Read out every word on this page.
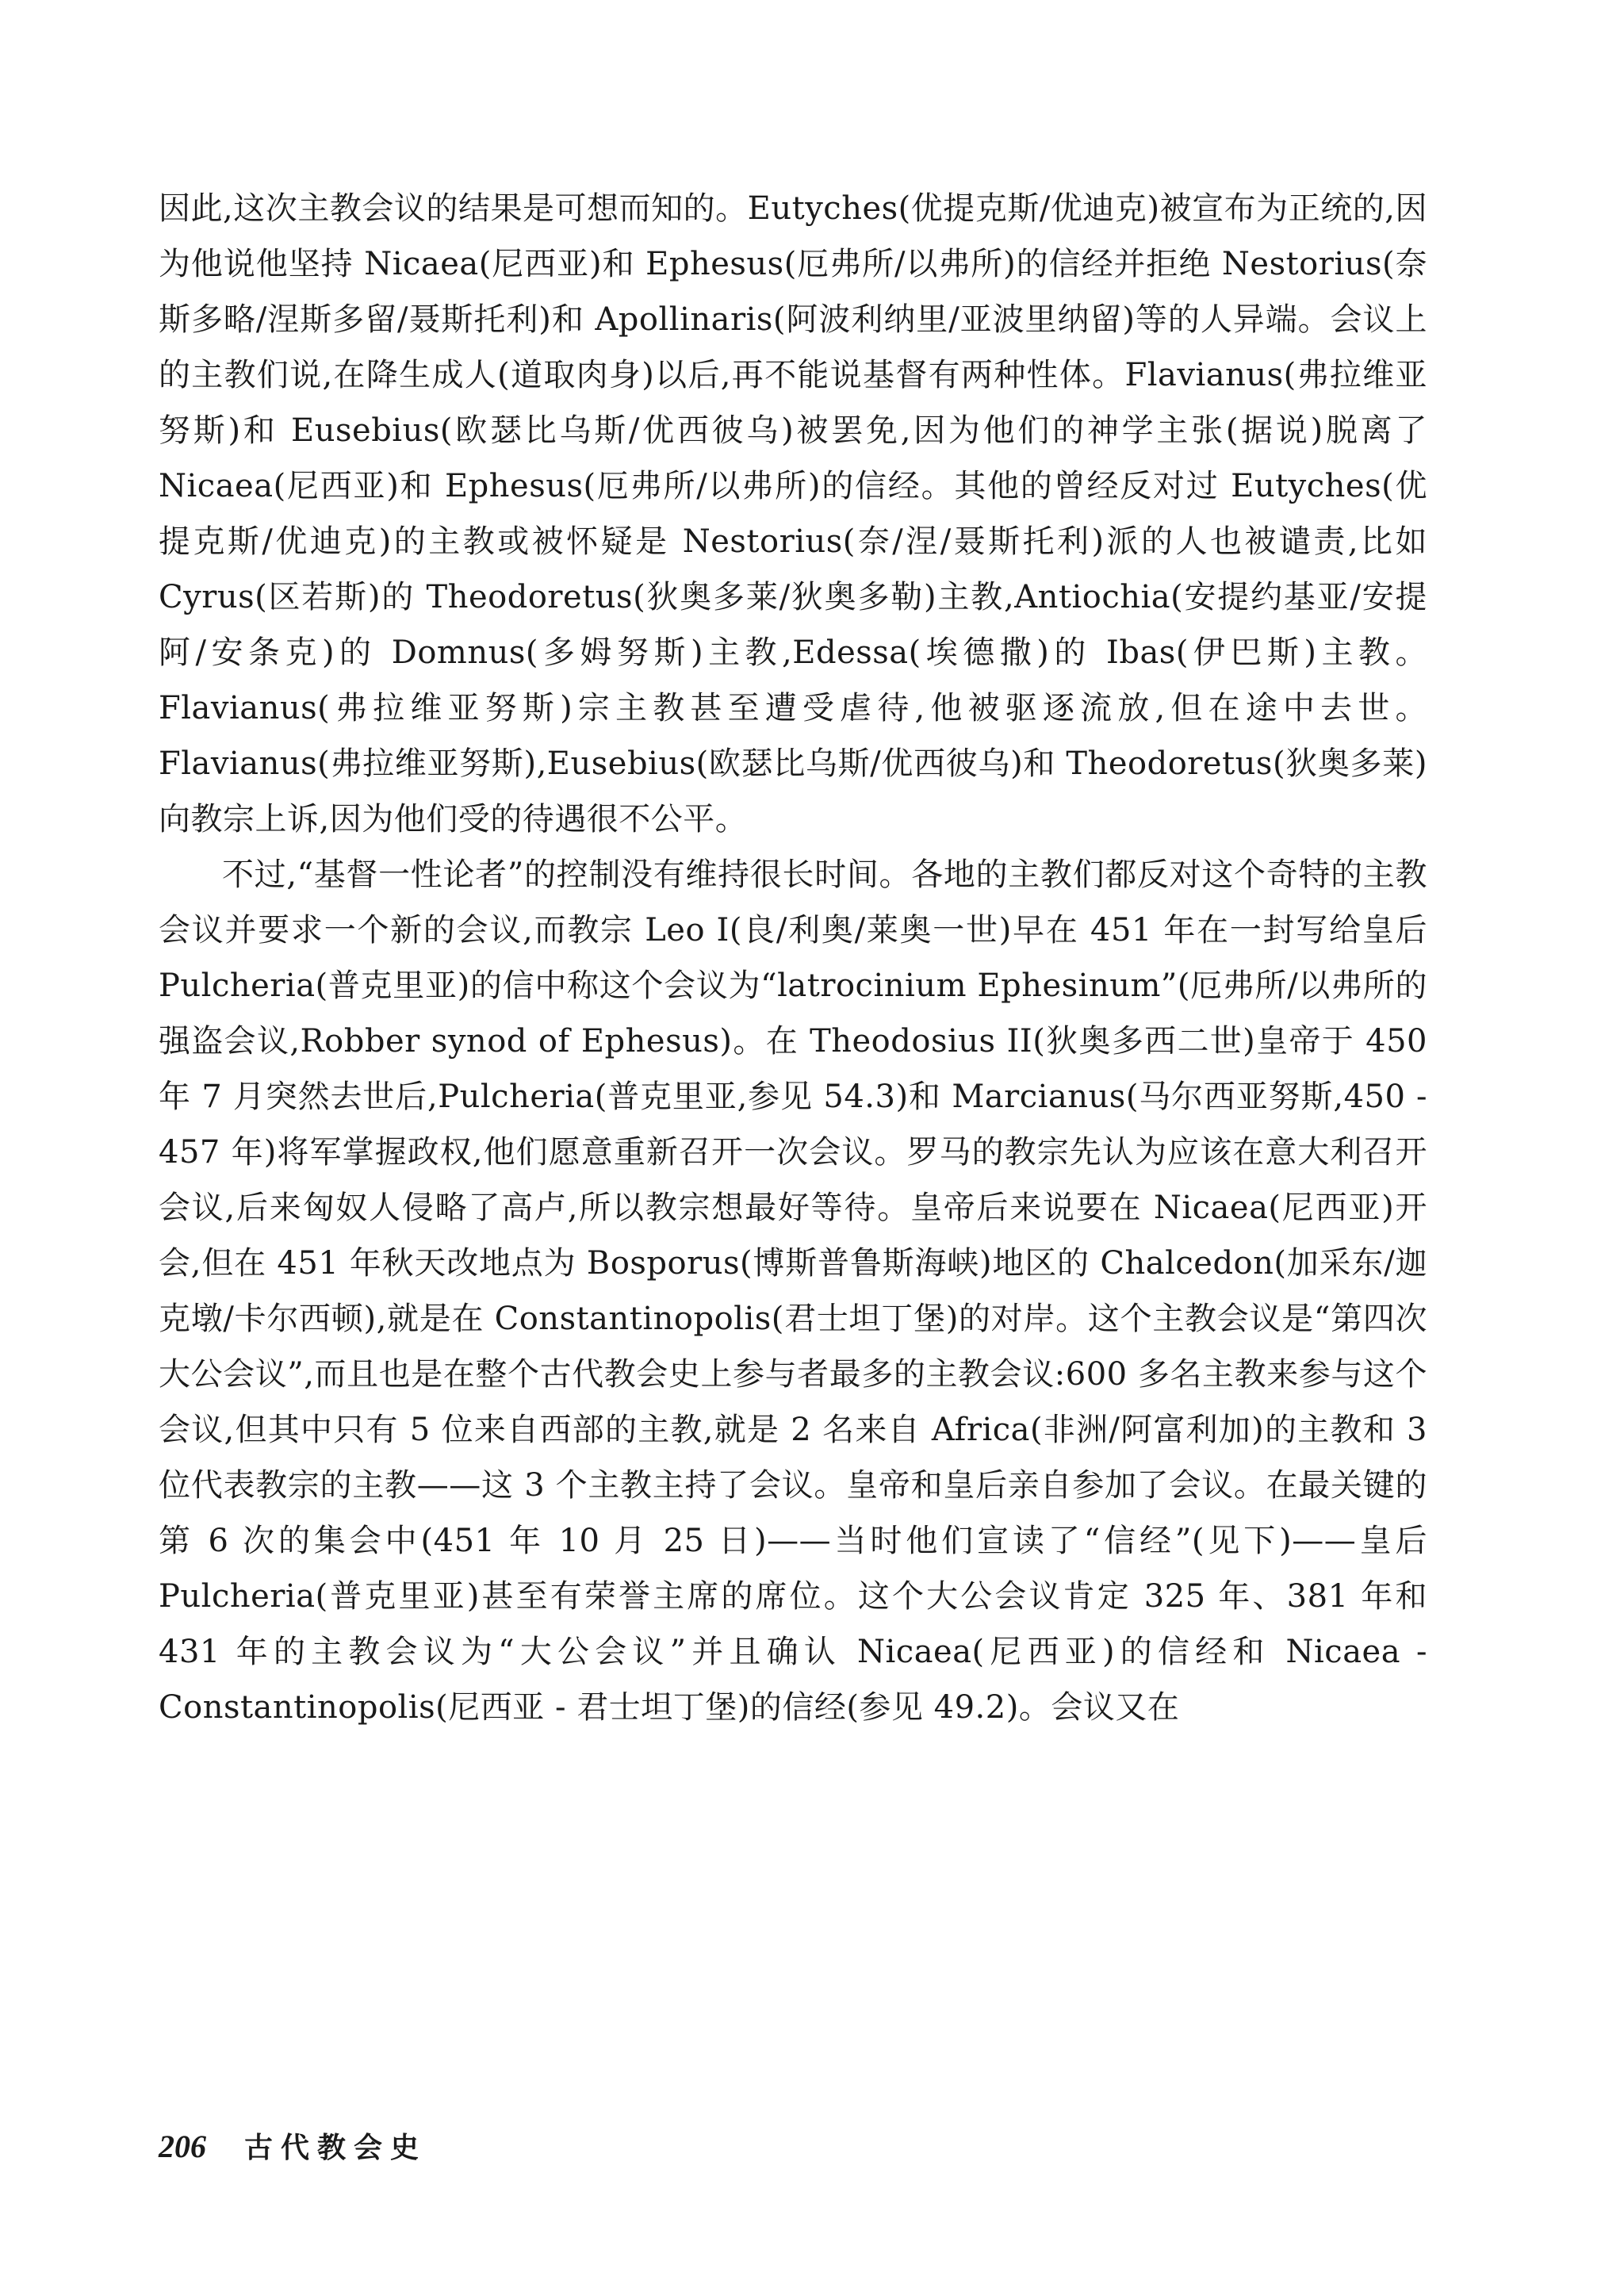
因此,这次主教会议的结果是可想而知的。Eutyches(优提克斯/优迪克)被宣布为正统的,因为他说他坚持 Nicaea(尼西亚)和 Ephesus(厄弗所/以弗所)的信经并拒绝 Nestorius(奈斯多略/涅斯多留/聂斯托利)和 Apollinaris(阿波利纳里/亚波里纳留)等的人异端。会议上的主教们说,在降生成人(道取肉身)以后,再不能说基督有两种性体。Flavianus(弗拉维亚努斯)和 Eusebius(欧瑟比乌斯/优西彼乌)被罢免,因为他们的神学主张(据说)脱离了 Nicaea(尼西亚)和 Ephesus(厄弗所/以弗所)的信经。其他的曾经反对过 Eutyches(优提克斯/优迪克)的主教或被怀疑是 Nestorius(奈/涅/聂斯托利)派的人也被谴责,比如 Cyrus(区若斯)的 Theodoretus(狄奥多莱/狄奥多勒)主教,Antiochia(安提约基亚/安提阿/安条克)的 Domnus(多姆努斯)主教,Edessa(埃德撒)的 Ibas(伊巴斯)主教。Flavianus(弗拉维亚努斯)宗主教甚至遭受虐待,他被驱逐流放,但在途中去世。Flavianus(弗拉维亚努斯),Eusebius(欧瑟比乌斯/优西彼乌)和 Theodoretus(狄奥多莱)向教宗上诉,因为他们受的待遇很不公平。

不过,“基督一性论者”的控制没有维持很长时间。各地的主教们都反对这个奇特的主教会议并要求一个新的会议,而教宗 Leo I(良/利奥/莱奥一世)早在 451 年在一封写给皇后 Pulcheria(普克里亚)的信中称这个会议为“latrocinium Ephesinum”(厄弗所/以弗所的强盗会议,Robber synod of Ephesus)。在 Theodosius II(狄奥多西二世)皇帝于 450 年 7 月突然去世后,Pulcheria(普克里亚,参见 54.3)和 Marcianus(马尔西亚努斯,450 - 457 年)将军掌握政权,他们愿意重新召开一次会议。罗马的教宗先认为应该在意大利召开会议,后来匈奴人侵略了高卢,所以教宗想最好等待。皇帝后来说要在 Nicaea(尼西亚)开会,但在 451 年秋天改地点为 Bosporus(博斯普鲁斯海峡)地区的 Chalcedon(加采东/迦克墩/卡尔西顿),就是在 Constantinopolis(君士坦丁堡)的对岸。这个主教会议是“第四次大公会议”,而且也是在整个古代教会史上参与者最多的主教会议:600 多名主教来参与这个会议,但其中只有 5 位来自西部的主教,就是 2 名来自 Africa(非洲/阿富利加)的主教和 3 位代表教宗的主教——这 3 个主教主持了会议。皇帝和皇后亲自参加了会议。在最关键的第 6 次的集会中(451 年 10 月 25 日)——当时他们宣读了“信经”(见下)——皇后 Pulcheria(普克里亚)甚至有荣誉主席的席位。这个大公会议肯定 325 年、381 年和 431 年的主教会议为“大公会议”并且确认 Nicaea(尼西亚)的信经和 Nicaea - Constantinopolis(尼西亚 - 君士坦丁堡)的信经(参见 49.2)。会议又在

206 古代教会史
